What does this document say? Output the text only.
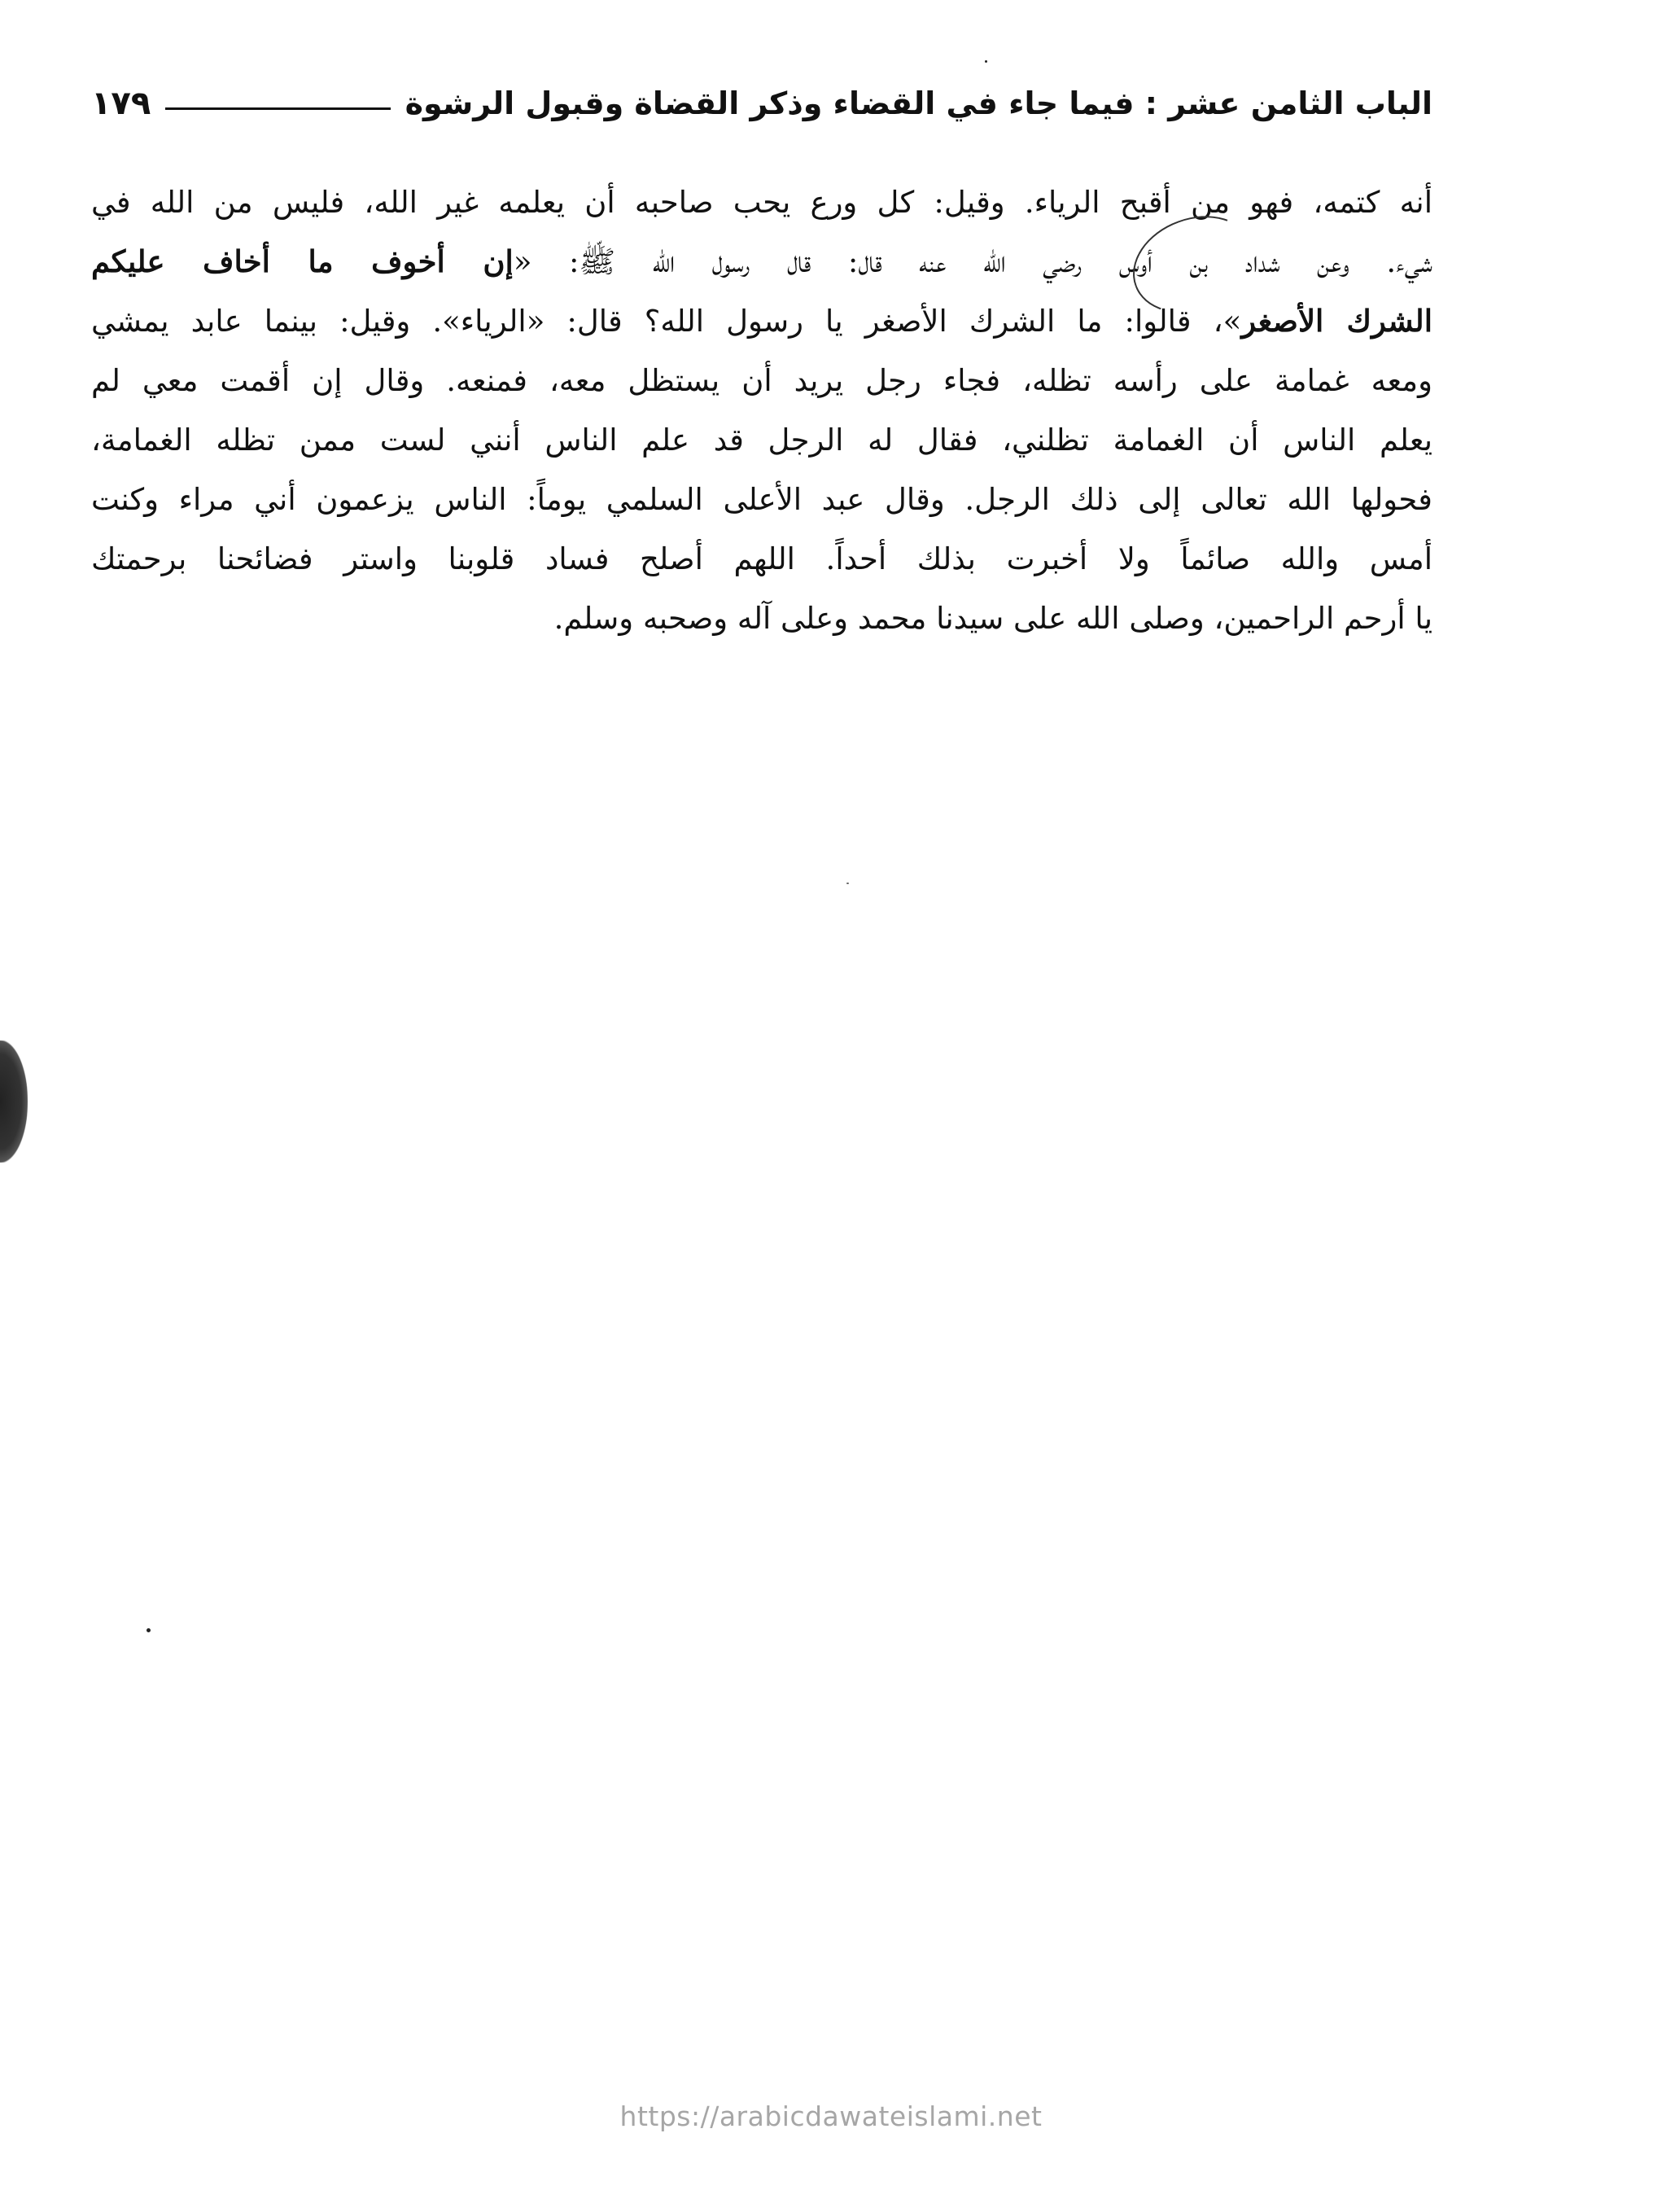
الباب الثامن عشر : فيما جاء في القضاء وذكر القضاة وقبول الرشوة
١٧٩
أنه كتمه، فهو من أقبح الرياء. وقيل: كل ورع يحب صاحبه أن يعلمه غير الله، فليس من الله في
شيء. وعن شداد بن أوس رضي الله عنه قال: قال رسول الله ﷺ: «إن أخوف ما أخاف عليكم
الشرك الأصغر»، قالوا: ما الشرك الأصغر يا رسول الله؟ قال: «الرياء». وقيل: بينما عابد يمشي
ومعه غمامة على رأسه تظله، فجاء رجل يريد أن يستظل معه، فمنعه. وقال إن أقمت معي لم
يعلم الناس أن الغمامة تظلني، فقال له الرجل قد علم الناس أنني لست ممن تظله الغمامة،
فحولها الله تعالى إلى ذلك الرجل. وقال عبد الأعلى السلمي يوماً: الناس يزعمون أني مراء وكنت
أمس والله صائماً ولا أخبرت بذلك أحداً. اللهم أصلح فساد قلوبنا واستر فضائحنا برحمتك
يا أرحم الراحمين، وصلى الله على سيدنا محمد وعلى آله وصحبه وسلم.
https://arabicdawateislami.net
